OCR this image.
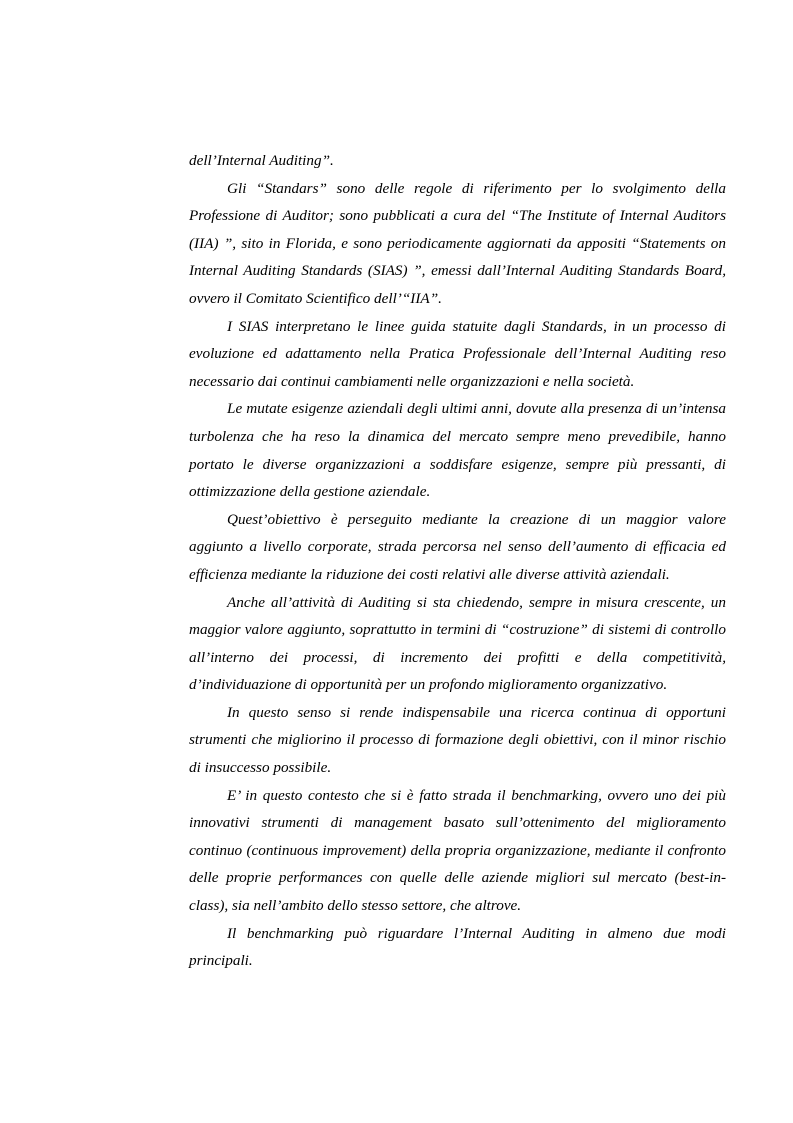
dell’Internal Auditing”.

Gli “Standars” sono delle regole di riferimento per lo svolgimento della Professione di Auditor; sono pubblicati a cura del “The Institute of Internal Auditors (IIA) ”, sito in Florida, e sono periodicamente aggiornati da appositi “Statements on Internal Auditing Standards (SIAS) ”, emessi dall’Internal Auditing Standards Board, ovvero il Comitato Scientifico dell’“IIA”.

I SIAS interpretano le linee guida statuite dagli Standards, in un processo di evoluzione ed adattamento nella Pratica Professionale dell’Internal Auditing reso necessario dai continui cambiamenti nelle organizzazioni e nella società.

Le mutate esigenze aziendali degli ultimi anni, dovute alla presenza di un’intensa turbolenza che ha reso la dinamica del mercato sempre meno prevedibile, hanno portato le diverse organizzazioni a soddisfare esigenze, sempre più pressanti, di ottimizzazione della gestione aziendale.

Quest’obiettivo è perseguito mediante la creazione di un maggior valore aggiunto a livello corporate, strada percorsa nel senso dell’aumento di efficacia ed efficienza mediante la riduzione dei costi relativi alle diverse attività aziendali.

Anche all’attività di Auditing si sta chiedendo, sempre in misura crescente, un maggior valore aggiunto, soprattutto in termini di “costruzione” di sistemi di controllo all’interno dei processi, di incremento dei profitti e della competitività, d’individuazione di opportunità per un profondo miglioramento organizzativo.

In questo senso si rende indispensabile una ricerca continua di opportuni strumenti che migliorino il processo di formazione degli obiettivi, con il minor rischio di insuccesso possibile.

E’ in questo contesto che si è fatto strada il benchmarking, ovvero uno dei più innovativi strumenti di management basato sull’ottenimento del miglioramento continuo (continuous improvement) della propria organizzazione, mediante il confronto delle proprie performances con quelle delle aziende migliori sul mercato (best-in-class), sia nell’ambito dello stesso settore, che altrove.

Il benchmarking può riguardare l’Internal Auditing in almeno due modi principali.
